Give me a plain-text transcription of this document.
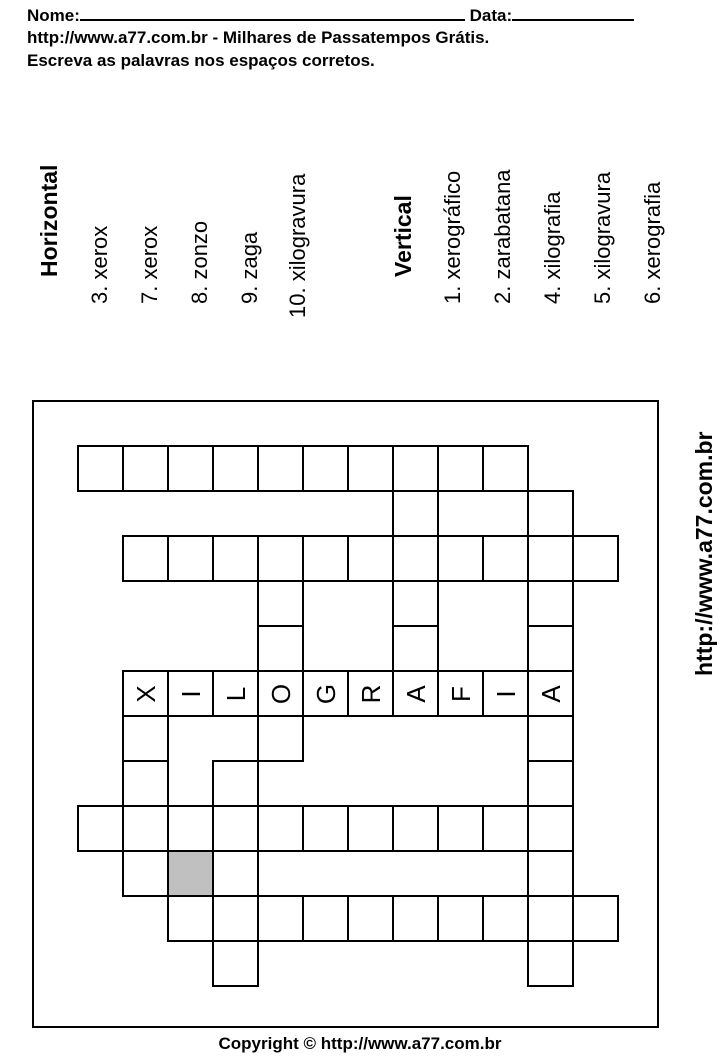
Nome:	Data:
http://www.a77.com.br - Milhares de Passatempos Grátis.
Escreva as palavras nos espaços corretos.
Horizontal 3. xerox 7. xerox 8. zonzo 9. zaga 10. xilogravura	Vertical 1. xerográfico 2. zarabatana 4. xilografia 5. xilogravura 6. xerografia
A
O
X I L G R A F I
http://www.a77.com.br
Copyright © http://www.a77.com.br
